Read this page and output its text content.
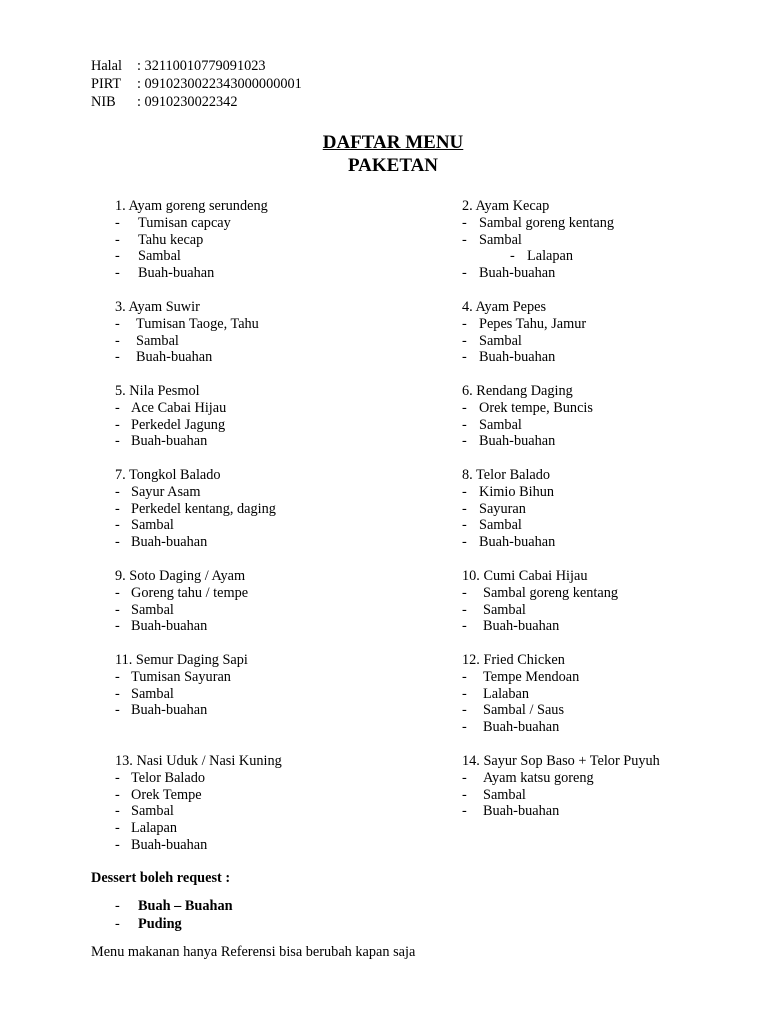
Halal : 32110010779091023
PIRT : 0910230022343000000001
NIB : 0910230022342
DAFTAR MENU
PAKETAN
1. Ayam goreng serundeng
- Tumisan capcay
- Tahu kecap
- Sambal
- Buah-buahan
2. Ayam Kecap
- Sambal goreng kentang
- Sambal
- Lalapan
- Buah-buahan
3. Ayam Suwir
- Tumisan Taoge, Tahu
- Sambal
- Buah-buahan
4. Ayam Pepes
- Pepes Tahu, Jamur
- Sambal
- Buah-buahan
5. Nila Pesmol
- Ace Cabai Hijau
- Perkedel Jagung
- Buah-buahan
6. Rendang Daging
- Orek tempe, Buncis
- Sambal
- Buah-buahan
7. Tongkol Balado
- Sayur Asam
- Perkedel kentang, daging
- Sambal
- Buah-buahan
8. Telor Balado
- Kimio Bihun
- Sayuran
- Sambal
- Buah-buahan
9. Soto Daging / Ayam
- Goreng tahu / tempe
- Sambal
- Buah-buahan
10. Cumi Cabai Hijau
- Sambal goreng kentang
- Sambal
- Buah-buahan
11. Semur Daging Sapi
- Tumisan Sayuran
- Sambal
- Buah-buahan
12. Fried Chicken
- Tempe Mendoan
- Lalaban
- Sambal / Saus
- Buah-buahan
13. Nasi Uduk / Nasi Kuning
- Telor Balado
- Orek Tempe
- Sambal
- Lalapan
- Buah-buahan
14. Sayur Sop Baso + Telor Puyuh
- Ayam katsu goreng
- Sambal
- Buah-buahan
Dessert boleh request :
- Buah – Buahan
- Puding
Menu makanan hanya Referensi bisa berubah kapan saja
